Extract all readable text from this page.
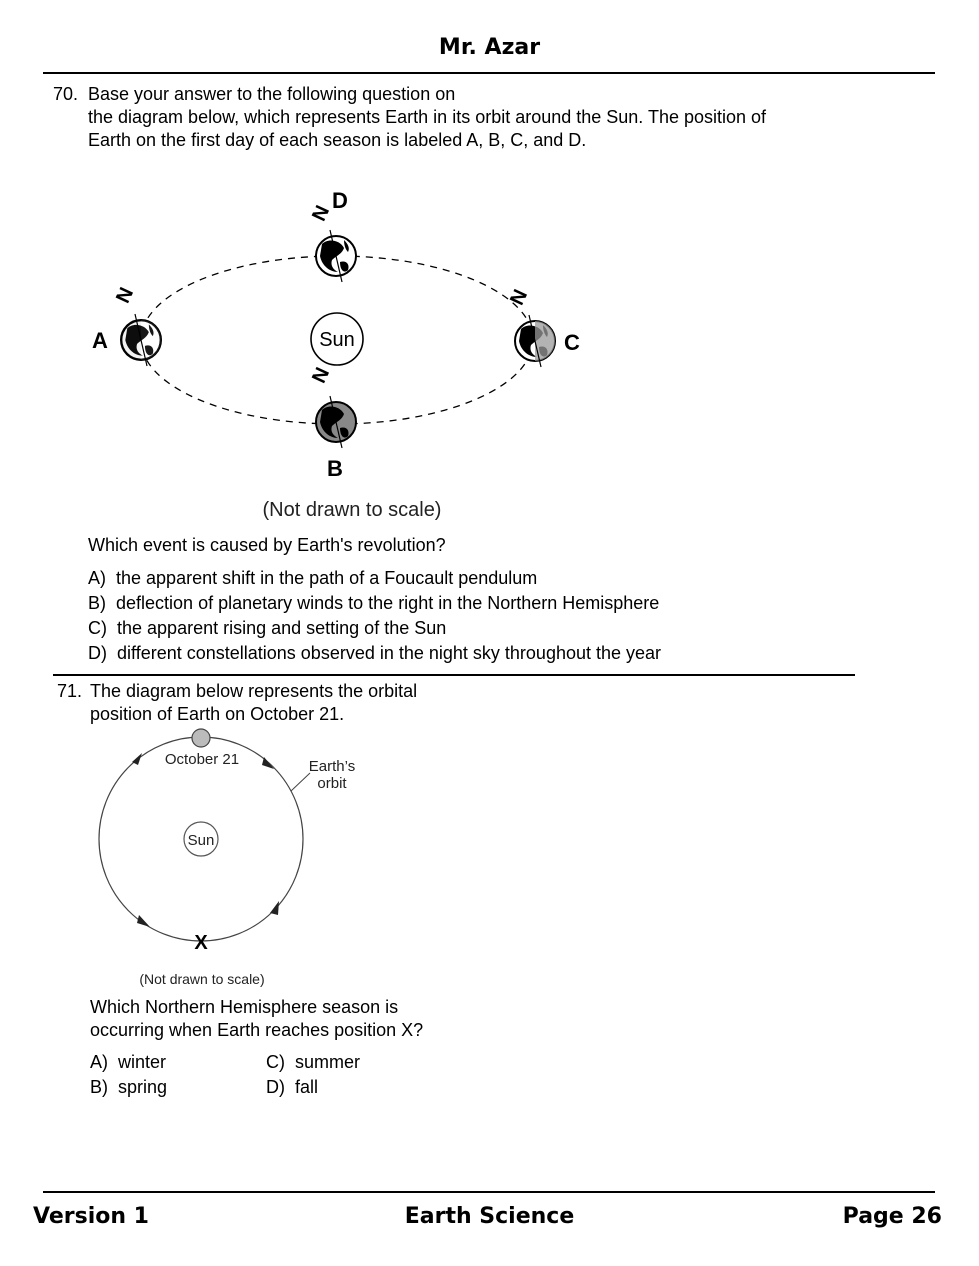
Mr. Azar
70. Base your answer to the following question on
the diagram below, which represents Earth in its orbit around the Sun. The position of
Earth on the first day of each season is labeled A, B, C, and D.
Sun
N
D
N
A
N
C
N
B
(Not drawn to scale)
Which event is caused by Earth's revolution?
A) the apparent shift in the path of a Foucault pendulum
B) deflection of planetary winds to the right in the Northern Hemisphere
C) the apparent rising and setting of the Sun
D) different constellations observed in the night sky throughout the year
71. The diagram below represents the orbital
position of Earth on October 21.
October 21	Earth’s
orbit
Sun
X
(Not drawn to scale)
Which Northern Hemisphere season is
occurring when Earth reaches position X?
A) winter
B) spring
C) summer
D) fall
Version 1	Earth Science	Page 26
